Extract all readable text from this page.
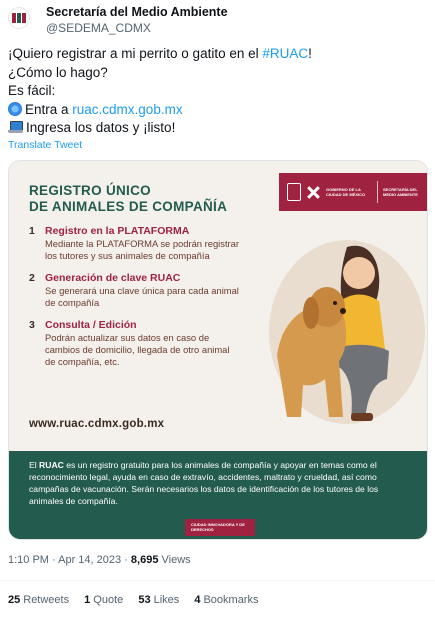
Secretaría del Medio Ambiente
@SEDEMA_CDMX
¡Quiero registrar a mi perrito o gatito en el #RUAC!
¿Cómo lo hago?
Es fácil:
Entra a ruac.cdmx.gob.mx
Ingresa los datos y ¡listo!
Translate Tweet
REGISTRO ÚNICO
DE ANIMALES DE COMPAÑÍA
GOBIERNO DE LA CIUDAD DE MÉXICO
SECRETARÍA DEL MEDIO AMBIENTE
1 Registro en la PLATAFORMA
Mediante la PLATAFORMA se podrán registrar los tutores y sus animales de compañía
2 Generación de clave RUAC
Se generará una clave única para cada animal de compañía
3 Consulta / Edición
Podrán actualizar sus datos en caso de cambios de domicilio, llegada de otro animal de compañía, etc.
www.ruac.cdmx.gob.mx
El RUAC es un registro gratuito para los animales de compañía y apoyar en temas como el reconocimiento legal, ayuda en caso de extravío, accidentes, maltrato y crueldad, así como campañas de vacunación. Serán necesarios los datos de identificación de los tutores de los animales de compañía.
CIUDAD INNOVADORA Y DE DERECHOS
1:10 PM · Apr 14, 2023 · 8,695 Views
25 Retweets 1 Quote 53 Likes 4 Bookmarks
